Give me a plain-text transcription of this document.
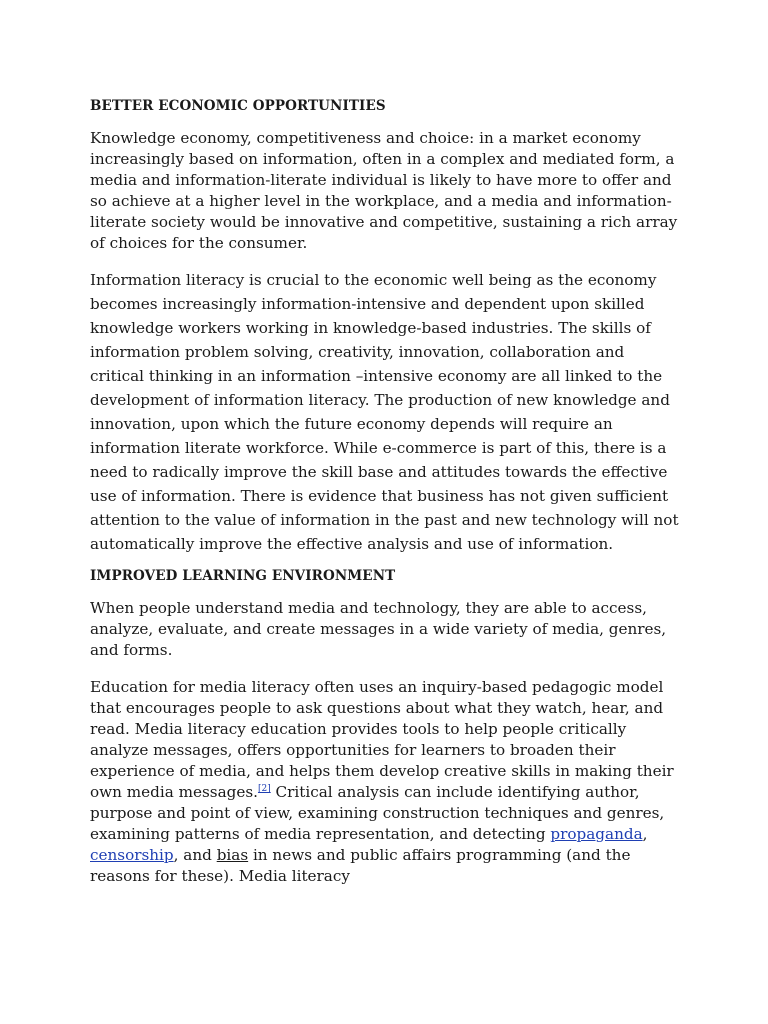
BETTER ECONOMIC OPPORTUNITIES

Knowledge economy, competitiveness and choice: in a market economy increasingly based on information, often in a complex and mediated form, a media and information-literate individual is likely to have more to offer and so achieve at a higher level in the workplace, and a media and information-literate society would be innovative and competitive, sustaining a rich array of choices for the consumer.

Information literacy is crucial to the economic well being as the economy becomes increasingly information-intensive and dependent upon skilled knowledge workers working in knowledge-based industries. The skills of information problem solving, creativity, innovation, collaboration and critical thinking in an information –intensive economy are all linked to the development of information literacy. The production of new knowledge and innovation, upon which the future economy depends will require an information literate workforce. While e-commerce is part of this, there is a need to radically improve the skill base and attitudes towards the effective use of information. There is evidence that business has not given sufficient attention to the value of information in the past and new technology will not automatically improve the effective analysis and use of information.

IMPROVED LEARNING ENVIRONMENT

When people understand media and technology, they are able to access, analyze, evaluate, and create messages in a wide variety of media, genres, and forms.

Education for media literacy often uses an inquiry-based pedagogic model that encourages people to ask questions about what they watch, hear, and read. Media literacy education provides tools to help people critically analyze messages, offers opportunities for learners to broaden their experience of media, and helps them develop creative skills in making their own media messages.[2] Critical analysis can include identifying author, purpose and point of view, examining construction techniques and genres, examining patterns of media representation, and detecting propaganda, censorship, and bias in news and public affairs programming (and the reasons for these). Media literacy
